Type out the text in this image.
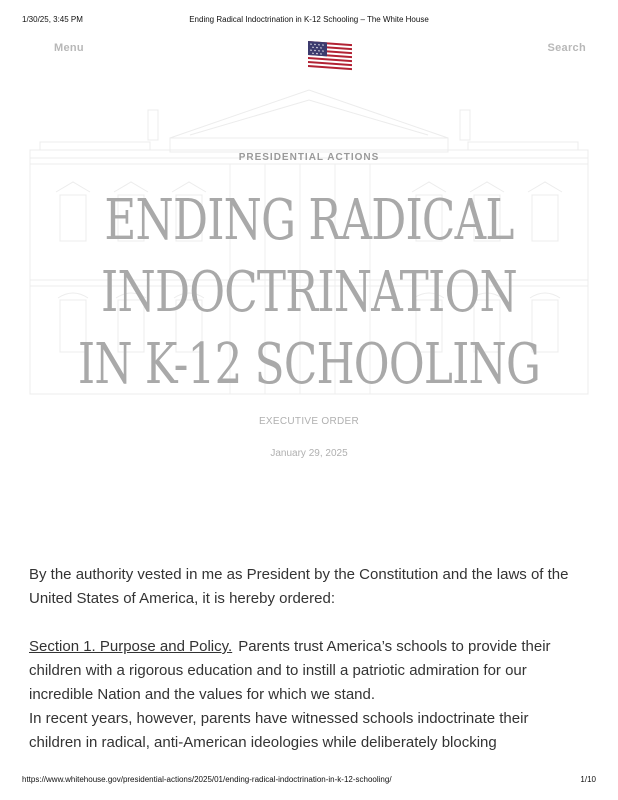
1/30/25, 3:45 PM	Ending Radical Indoctrination in K-12 Schooling – The White House
Menu	Search
PRESIDENTIAL ACTIONS
ENDING RADICAL
INDOCTRINATION
IN K-12 SCHOOLING
EXECUTIVE ORDER
January 29, 2025

By the authority vested in me as President by the Constitution and the laws of the United States of America, it is hereby ordered:

Section 1. Purpose and Policy. Parents trust America’s schools to provide their children with a rigorous education and to instill a patriotic admiration for our incredible Nation and the values for which we stand.

In recent years, however, parents have witnessed schools indoctrinate their children in radical, anti-American ideologies while deliberately blocking

https://www.whitehouse.gov/presidential-actions/2025/01/ending-radical-indoctrination-in-k-12-schooling/	1/10
